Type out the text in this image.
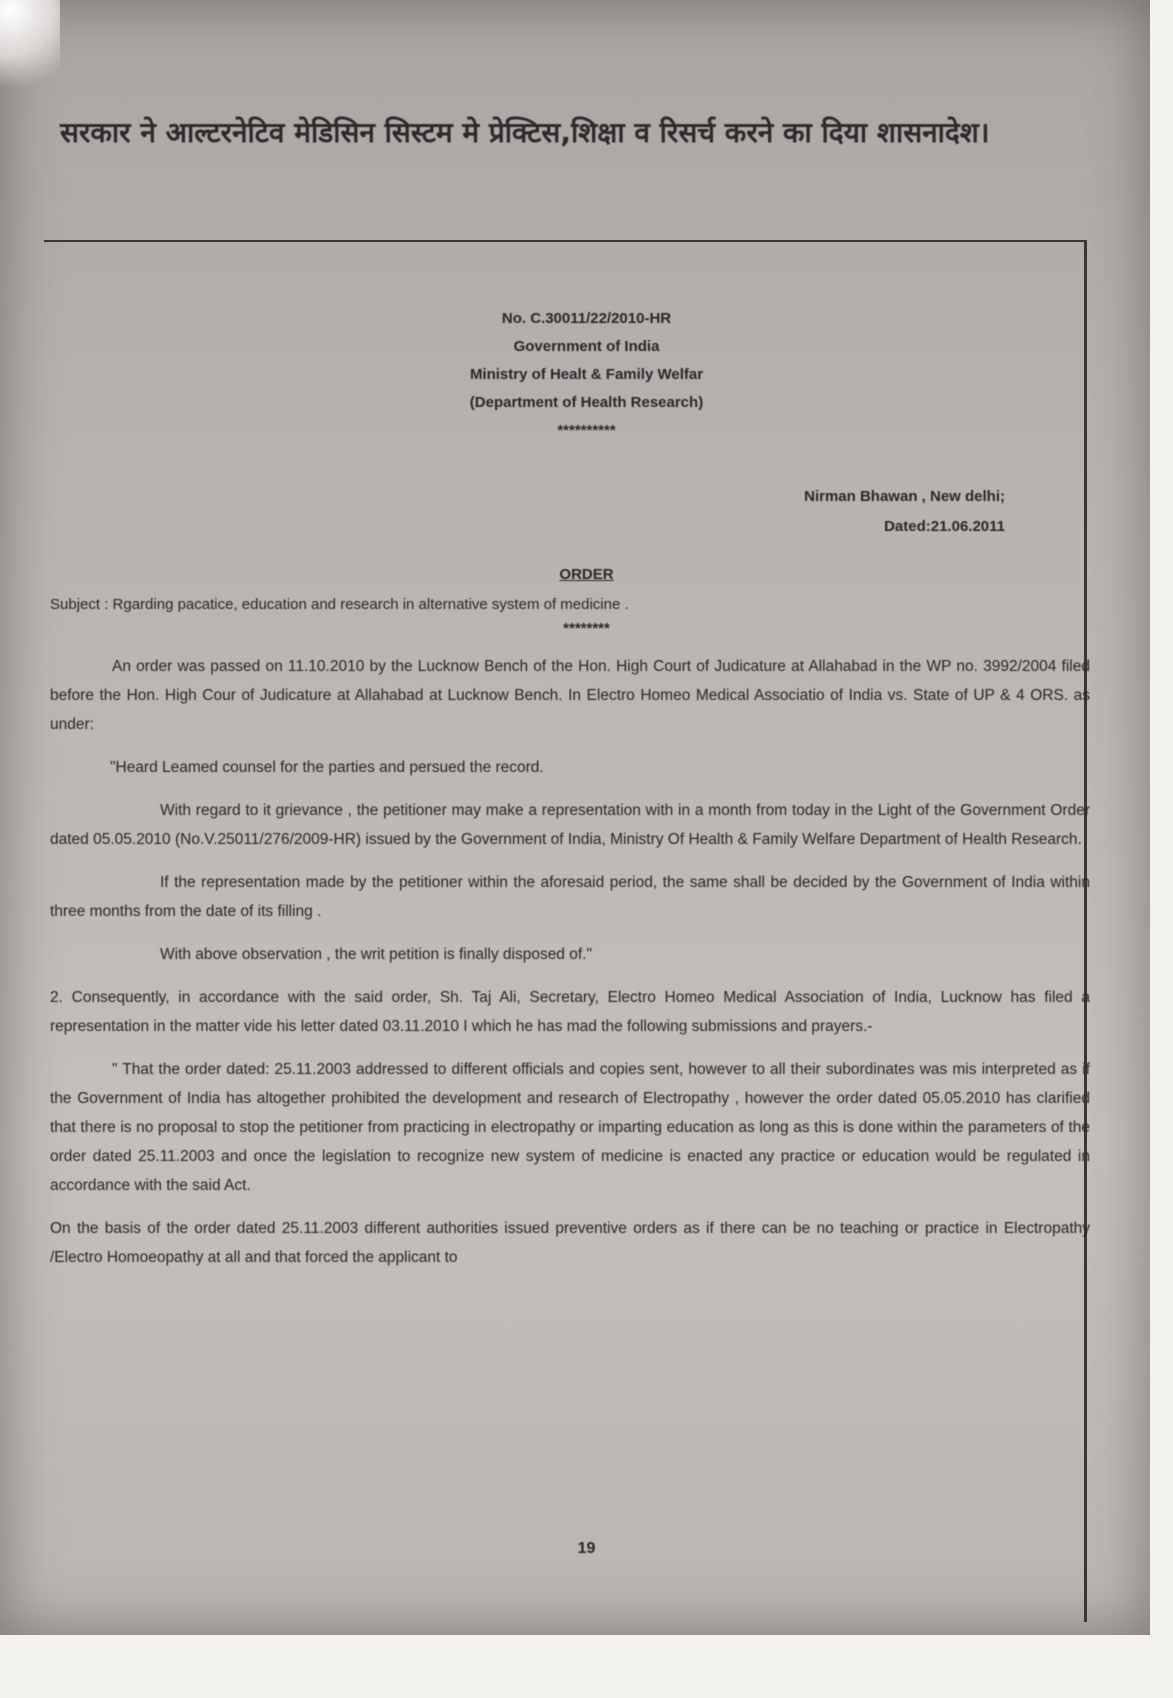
सरकार ने आल्टरनेटिव मेडिसिन सिस्टम मे प्रेक्टिस,शिक्षा व रिसर्च करने का दिया शासनादेश।
No. C.30011/22/2010-HR
Government of India
Ministry of Healt & Family Welfar
(Department of Health Research)
**********
Nirman Bhawan , New delhi;
Dated:21.06.2011
ORDER
Subject : Rgarding pacatice, education and research in alternative system of medicine .
********

An order was passed on 11.10.2010 by the Lucknow Bench of the Hon. High Court of Judicature at Allahabad in the WP no. 3992/2004 filed before the Hon. High Cour of Judicature at Allahabad at Lucknow Bench. In Electro Homeo Medical Associatio of India vs. State of UP & 4 ORS. as under:

"Heard Leamed counsel for the parties and persued the record.

With regard to it grievance , the petitioner may make a representation with in a month from today in the Light of the Government Order dated 05.05.2010 (No.V.25011/276/2009-HR) issued by the Government of India, Ministry Of Health & Family Welfare Department of Health Research.

If the representation made by the petitioner within the aforesaid period, the same shall be decided by the Government of India within three months from the date of its filling .

With above observation , the writ petition is finally disposed of."

2. Consequently, in accordance with the said order, Sh. Taj Ali, Secretary, Electro Homeo Medical Association of India, Lucknow has filed a representation in the matter vide his letter dated 03.11.2010 I which he has mad the following submissions and prayers.-

" That the order dated: 25.11.2003 addressed to different officials and copies sent, however to all their subordinates was mis interpreted as if the Government of India has altogether prohibited the development and research of Electropathy , however the order dated 05.05.2010 has clarified that there is no proposal to stop the petitioner from practicing in electropathy or imparting education as long as this is done within the parameters of the order dated 25.11.2003 and once the legislation to recognize new system of medicine is enacted any practice or education would be regulated in accordance with the said Act.

On the basis of the order dated 25.11.2003 different authorities issued preventive orders as if there can be no teaching or practice in Electropathy /Electro Homoeopathy at all and that forced the applicant to

19
